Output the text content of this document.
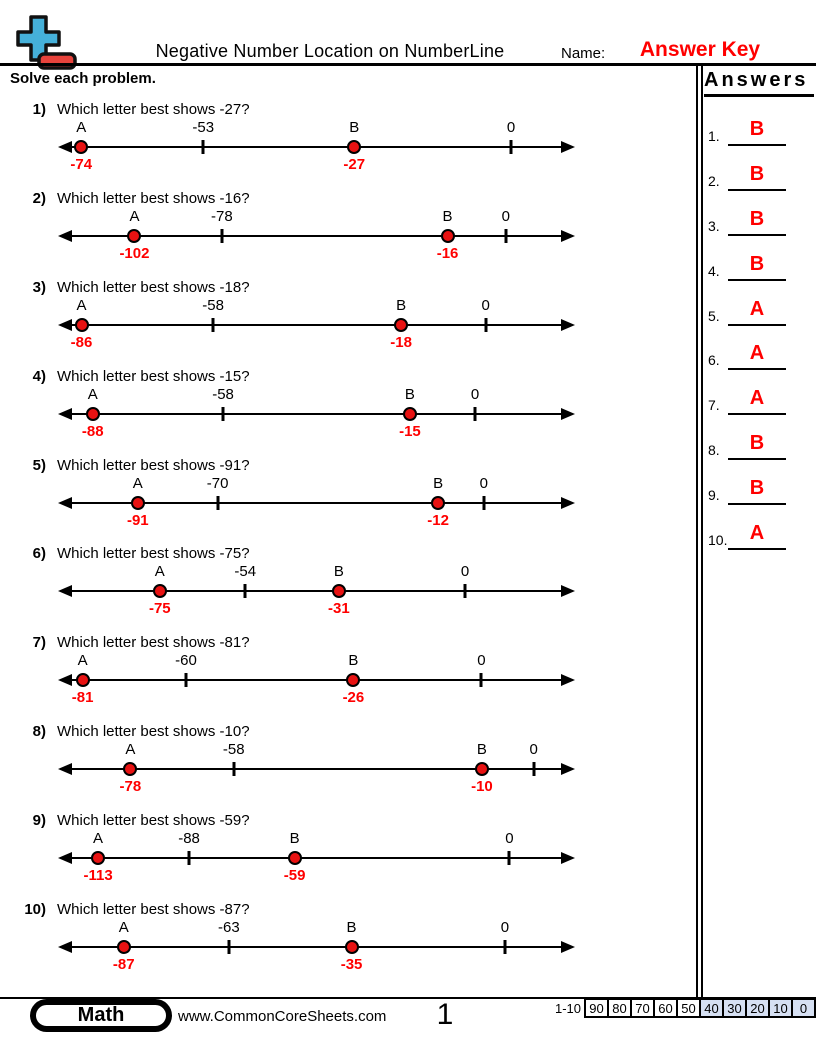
Negative Number Location on NumberLine	Name:	Answer Key
Solve each problem.
1) Which letter best shows -27?
A
-74
-53	B
-27
0
2) Which letter best shows -16?
A
-102
-78	B
-16
0
3) Which letter best shows -18?
A
-86
-58	B
-18
0
4) Which letter best shows -15?
A
-88
-58	B
-15
0
5) Which letter best shows -91?
A
-91
-70	B
-12
0
6) Which letter best shows -75?
A
-75
-54	B
-31
0
7) Which letter best shows -81?
A
-81
-60	B
-26
0
8) Which letter best shows -10?
A
-78
-58	B
-10
0
9) Which letter best shows -59?
A
-113
-88	B
-59
0
10) Which letter best shows -87?
A
-87
-63	B
-35
0
Answers
1.	B
2.	B
3.	B
4.	B
5.	A
6.	A
7.	A
8.	B
9.	B
10.	A
Math	www.CommonCoreSheets.com	1	1-10 90 80 70 60 50 40 30 20 10 0
